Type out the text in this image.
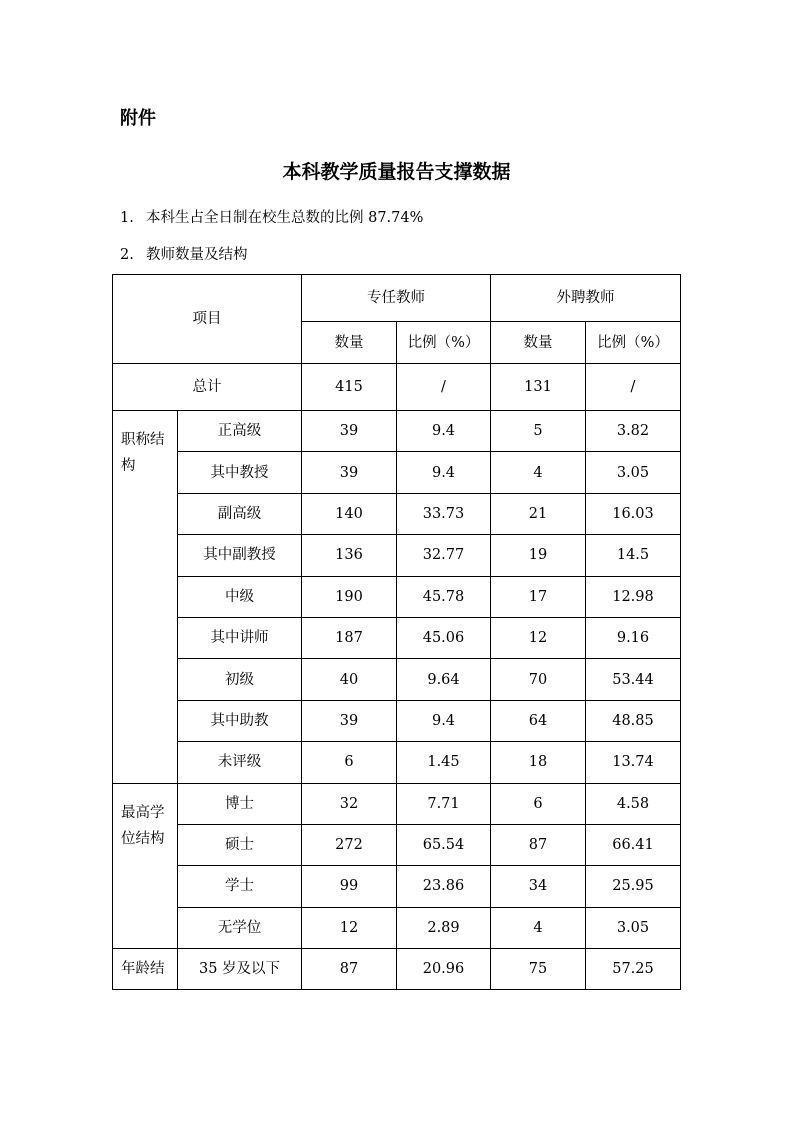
附件
本科教学质量报告支撑数据
1. 本科生占全日制在校生总数的比例 87.74%
2. 教师数量及结构
项目		专任教师		外聘教师	
		数量	比例（%）	数量	比例（%）
总计		415	/	131	/
职称结构	正高级	39	9.4	5	3.82
	其中教授	39	9.4	4	3.05
	副高级	140	33.73	21	16.03
	其中副教授	136	32.77	19	14.5
	中级	190	45.78	17	12.98
	其中讲师	187	45.06	12	9.16
	初级	40	9.64	70	53.44
	其中助教	39	9.4	64	48.85
	未评级	6	1.45	18	13.74
最高学位结构	博士	32	7.71	6	4.58
	硕士	272	65.54	87	66.41
	学士	99	23.86	34	25.95
	无学位	12	2.89	4	3.05
年龄结	35 岁及以下	87	20.96	75	57.25
